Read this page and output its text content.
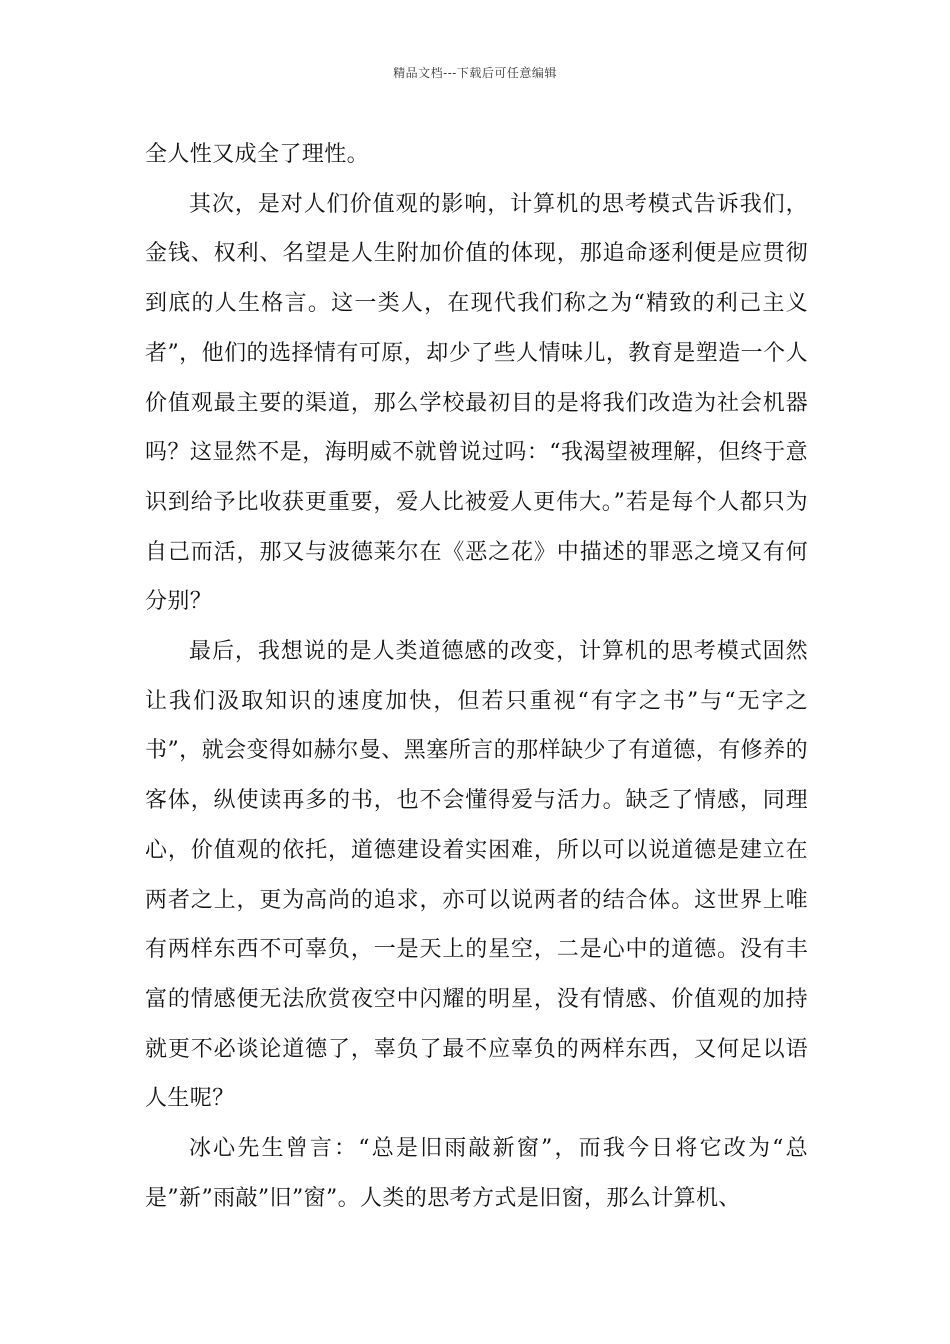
精品文档---下载后可任意编辑

全人性又成全了理性。

其次，是对人们价值观的影响，计算机的思考模式告诉我们，金钱、权利、名望是人生附加价值的体现，那追命逐利便是应贯彻到底的人生格言。这一类人，在现代我们称之为“精致的利己主义者”，他们的选择情有可原，却少了些人情味儿，教育是塑造一个人价值观最主要的渠道，那么学校最初目的是将我们改造为社会机器吗？这显然不是，海明威不就曾说过吗：“我渴望被理解，但终于意识到给予比收获更重要，爱人比被爱人更伟大。”若是每个人都只为自己而活，那又与波德莱尔在《恶之花》中描述的罪恶之境又有何分别？

最后，我想说的是人类道德感的改变，计算机的思考模式固然让我们汲取知识的速度加快，但若只重视“有字之书”与“无字之书”，就会变得如赫尔曼、黑塞所言的那样缺少了有道德，有修养的客体，纵使读再多的书，也不会懂得爱与活力。缺乏了情感，同理心，价值观的依托，道德建设着实困难，所以可以说道德是建立在两者之上，更为高尚的追求，亦可以说两者的结合体。这世界上唯有两样东西不可辜负，一是天上的星空，二是心中的道德。没有丰富的情感便无法欣赏夜空中闪耀的明星，没有情感、价值观的加持就更不必谈论道德了，辜负了最不应辜负的两样东西，又何足以语人生呢？

冰心先生曾言：“总是旧雨敲新窗”，而我今日将它改为“总是”新”雨敲”旧”窗”。人类的思考方式是旧窗，那么计算机、
